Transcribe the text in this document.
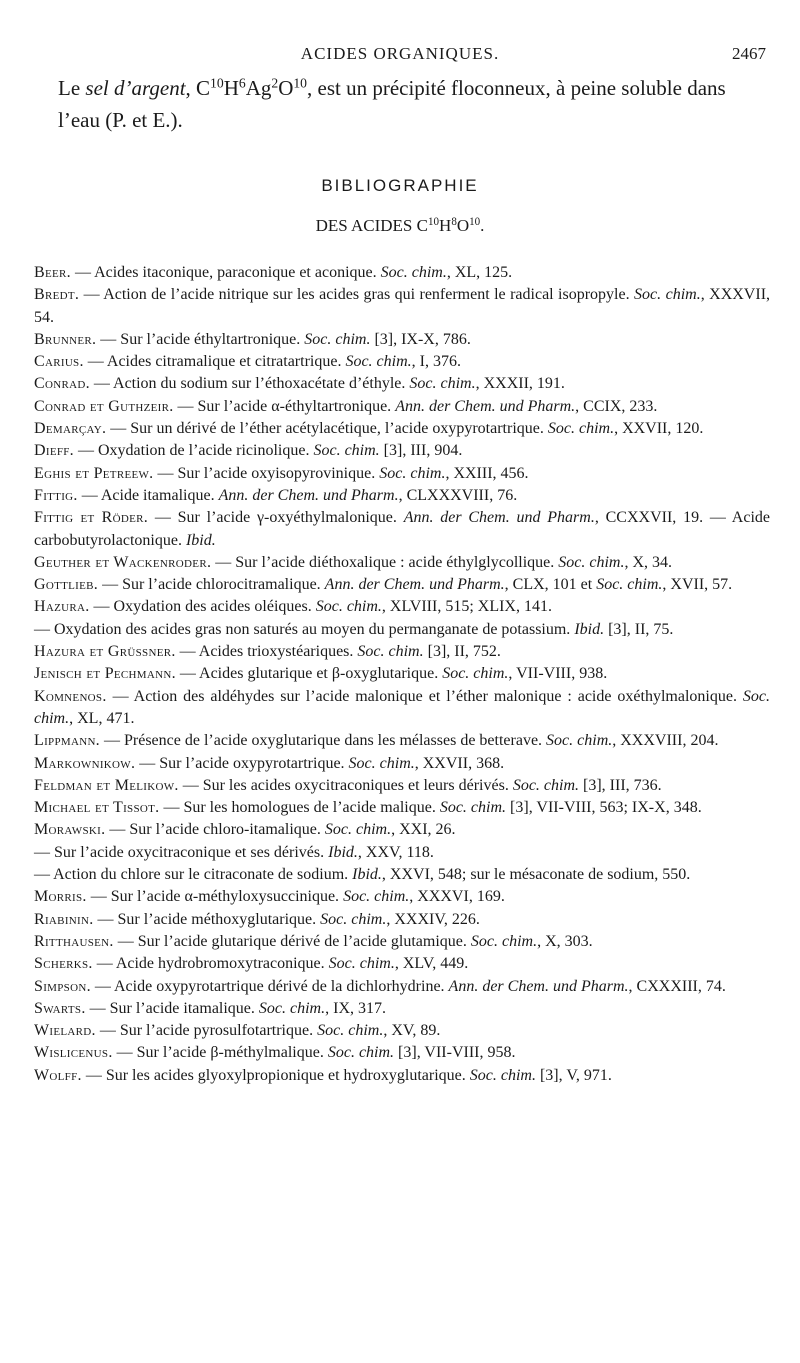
ACIDES ORGANIQUES.	2467
Le sel d’argent, $C^{10}H^6Ag^2O^{10}$, est un précipité floconneux, à peine soluble dans l’eau (P. et E.).
BIBLIOGRAPHIE
DES ACIDES $C^{10}H^8O^{10}$.

Beer. — Acides itaconique, paraconique et aconique. Soc. chim., XL, 125.

Bredt. — Action de l’acide nitrique sur les acides gras qui renferment le radical isopropyle. Soc. chim., XXXVII, 54.

Brunner. — Sur l’acide éthyltartronique. Soc. chim. [3], IX-X, 786.

Carius. — Acides citramalique et citratartrique. Soc. chim., I, 376.

Conrad. — Action du sodium sur l’éthoxacétate d’éthyle. Soc. chim., XXXII, 191.

Conrad et Guthzeir. — Sur l’acide α-éthyltartronique. Ann. der Chem. und Pharm., CCIX, 233.

Demarçay. — Sur un dérivé de l’éther acétylacétique, l’acide oxypyrotartrique. Soc. chim., XXVII, 120.

Dieff. — Oxydation de l’acide ricinolique. Soc. chim. [3], III, 904.

Eghis et Petreew. — Sur l’acide oxyisopyrovinique. Soc. chim., XXIII, 456.

Fittig. — Acide itamalique. Ann. der Chem. und Pharm., CLXXXVIII, 76.

Fittig et Röder. — Sur l’acide γ-oxyéthylmalonique. Ann. der Chem. und Pharm., CCXXVII, 19. — Acide carbobutyrolactonique. Ibid.

Geuther et Wackenroder. — Sur l’acide diéthoxalique : acide éthylglycollique. Soc. chim., X, 34.

Gottlieb. — Sur l’acide chlorocitramalique. Ann. der Chem. und Pharm., CLX, 101 et Soc. chim., XVII, 57.

Hazura. — Oxydation des acides oléiques. Soc. chim., XLVIII, 515; XLIX, 141.

— Oxydation des acides gras non saturés au moyen du permanganate de potassium. Ibid. [3], II, 75.

Hazura et Grüssner. — Acides trioxystéariques. Soc. chim. [3], II, 752.

Jenisch et Pechmann. — Acides glutarique et β-oxyglutarique. Soc. chim., VII-VIII, 938.

Komnenos. — Action des aldéhydes sur l’acide malonique et l’éther malonique : acide oxéthylmalonique. Soc. chim., XL, 471.

Lippmann. — Présence de l’acide oxyglutarique dans les mélasses de betterave. Soc. chim., XXXVIII, 204.

Markownikow. — Sur l’acide oxypyrotartrique. Soc. chim., XXVII, 368.

Feldman et Melikow. — Sur les acides oxycitraconiques et leurs dérivés. Soc. chim. [3], III, 736.

Michael et Tissot. — Sur les homologues de l’acide malique. Soc. chim. [3], VII-VIII, 563; IX-X, 348.

Morawski. — Sur l’acide chloro-itamalique. Soc. chim., XXI, 26.

— Sur l’acide oxycitraconique et ses dérivés. Ibid., XXV, 118.

— Action du chlore sur le citraconate de sodium. Ibid., XXVI, 548; sur le mésaconate de sodium, 550.

Morris. — Sur l’acide α-méthyloxysuccinique. Soc. chim., XXXVI, 169.

Riabinin. — Sur l’acide méthoxyglutarique. Soc. chim., XXXIV, 226.

Ritthausen. — Sur l’acide glutarique dérivé de l’acide glutamique. Soc. chim., X, 303.

Scherks. — Acide hydrobromoxytraconique. Soc. chim., XLV, 449.

Simpson. — Acide oxypyrotartrique dérivé de la dichlorhydrine. Ann. der Chem. und Pharm., CXXXIII, 74.

Swarts. — Sur l’acide itamalique. Soc. chim., IX, 317.

Wielard. — Sur l’acide pyrosulfotartrique. Soc. chim., XV, 89.

Wislicenus. — Sur l’acide β-méthylmalique. Soc. chim. [3], VII-VIII, 958.

Wolff. — Sur les acides glyoxylpropionique et hydroxyglutarique. Soc. chim. [3], V, 971.
